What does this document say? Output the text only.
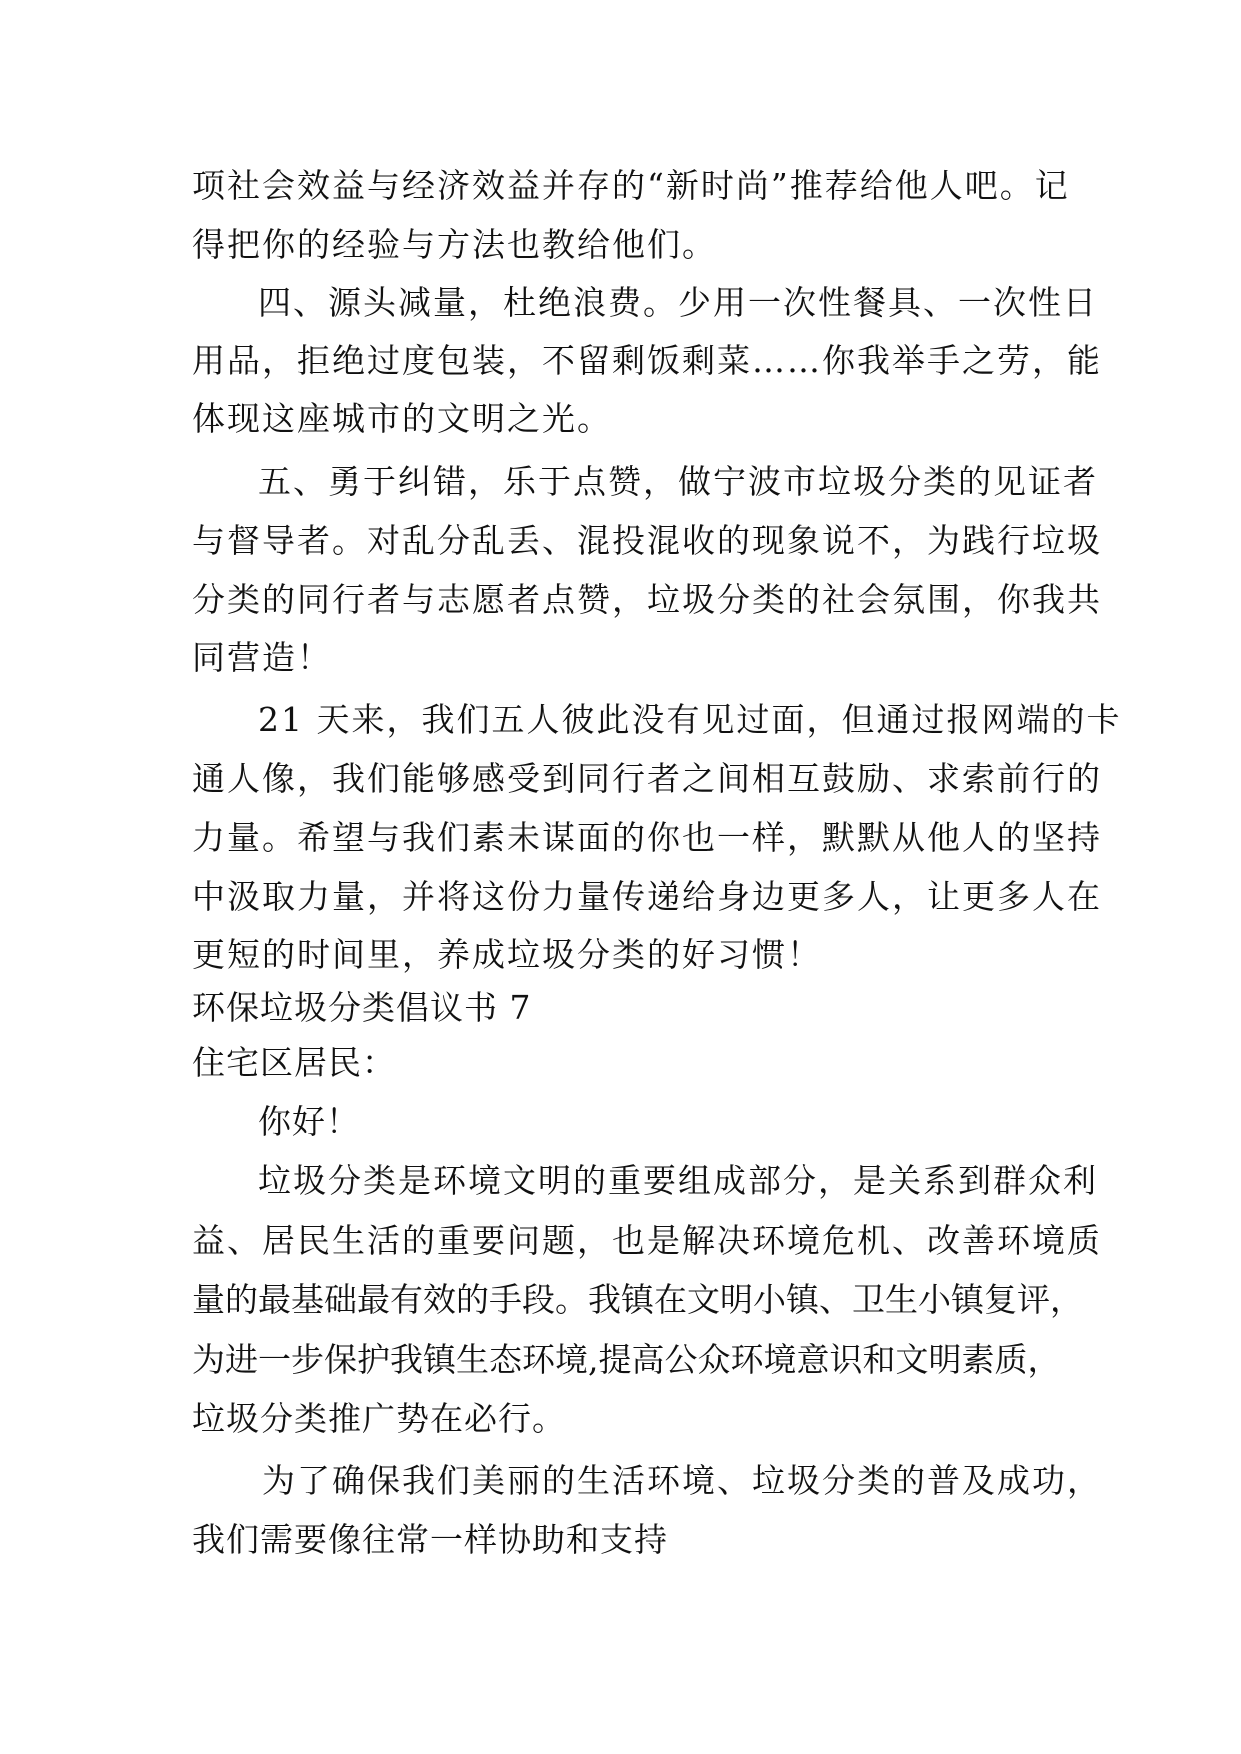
项社会效益与经济效益并存的“新时尚”推荐给他人吧。记
得把你的经验与方法也教给他们。
四、源头减量，杜绝浪费。少用一次性餐具、一次性日
用品，拒绝过度包装，不留剩饭剩菜……你我举手之劳，能
体现这座城市的文明之光。
五、勇于纠错，乐于点赞，做宁波市垃圾分类的见证者
与督导者。对乱分乱丢、混投混收的现象说不，为践行垃圾
分类的同行者与志愿者点赞，垃圾分类的社会氛围，你我共
同营造！
21 天来，我们五人彼此没有见过面，但通过报网端的卡
通人像，我们能够感受到同行者之间相互鼓励、求索前行的
力量。希望与我们素未谋面的你也一样，默默从他人的坚持
中汲取力量，并将这份力量传递给身边更多人，让更多人在
更短的时间里，养成垃圾分类的好习惯！
环保垃圾分类倡议书 7
住宅区居民：
你好！
垃圾分类是环境文明的重要组成部分，是关系到群众利
益、居民生活的重要问题，也是解决环境危机、改善环境质
量的最基础最有效的手段。我镇在文明小镇、卫生小镇复评，
为进一步保护我镇生态环境,提高公众环境意识和文明素质，
垃圾分类推广势在必行。
为了确保我们美丽的生活环境、垃圾分类的普及成功，
我们需要像往常一样协助和支持
